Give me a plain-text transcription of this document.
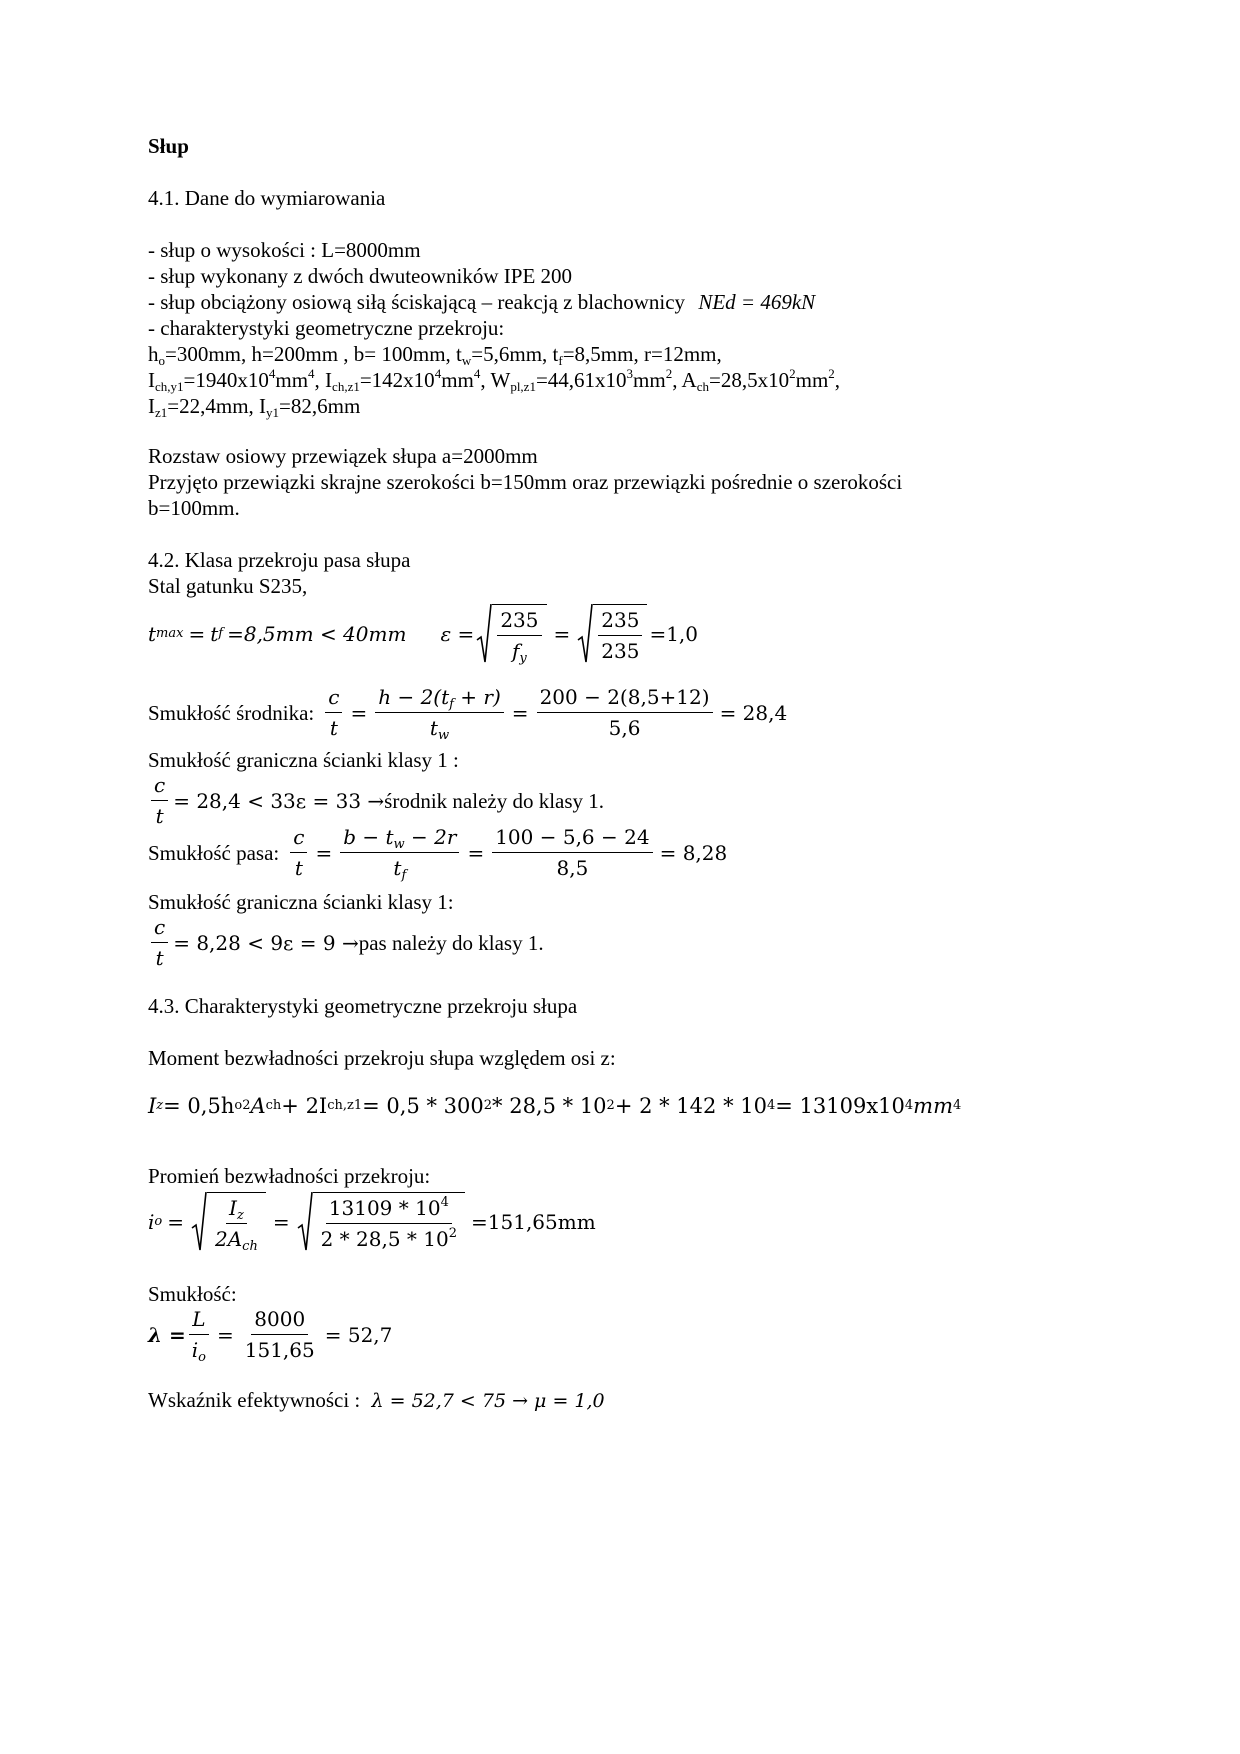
Słup
4.1. Dane do wymiarowania
- słup o wysokości : L=8000mm
- słup wykonany z dwóch dwuteowników IPE 200
- słup obciążony osiową siłą ściskającą – reakcją z blachownicy NEd = 469kN
- charakterystyki geometryczne przekroju:
$h_o=300mm$, h=200mm , b= 100mm, $t_w=5,6mm$, $t_f=8,5mm$, r=12mm,
$I_{ch,y1}=1940x10^4mm^4$, $I_{ch,z1}=142x10^4mm^4$, $W_{pl,z1}=44,61x10^3mm^2$, $A_{ch}=28,5x10^2mm^2$,
$I_{z1}=22,4mm$, $I_{y1}=82,6mm$
Rozstaw osiowy przewiązek słupa a=2000mm
Przyjęto przewiązki skrajne szerokości b=150mm oraz przewiązki pośrednie o szerokości
b=100mm.
4.2. Klasa przekroju pasa słupa
Stal gatunku S235,
t max = t f =8,5mm < 40mm $\varepsilon = \frac{235}{f_y} = \frac{235}{235} =1,0$
Smukłość środnika: $\frac{c}{t} = \frac{h - 2(t_f + r)}{t_w} = \frac{200 - 2(8,5+12)}{5,6} = 28,4$
Smukłość graniczna ścianki klasy 1 :
$\frac{c}{t} = 28,4 < 33\varepsilon = 33$ → środnik należy do klasy 1.
Smukłość pasa: $\frac{c}{t} = \frac{b - t_w - 2r}{t_f} = \frac{100 - 5,6 - 24}{8,5} = 8,28$
Smukłość graniczna ścianki klasy 1:
$\frac{c}{t} = 8,28 < 9\varepsilon = 9$ → pas należy do klasy 1.
4.3. Charakterystyki geometryczne przekroju słupa
Moment bezwładności przekroju słupa względem osi z:
I z = 0,5h o 2 A ch + 2I ch,z1 = 0,5 * 300 2 * 28,5 * 10 2 + 2 * 142 * 10 4 = 13109x10 4 mm 4
Promień bezwładności przekroju:
i $o = \frac{I_z}{2A_{ch}} = \frac{13109 * 10^4}{2 * 28,5 * 10^2} =151,65mm$
Smukłość:
$\lambda = \frac{L}{i_o} = \frac{8000}{151,65} = 52,7$
Wskaźnik efektywności : λ = 52,7 < 75 → μ = 1,0
